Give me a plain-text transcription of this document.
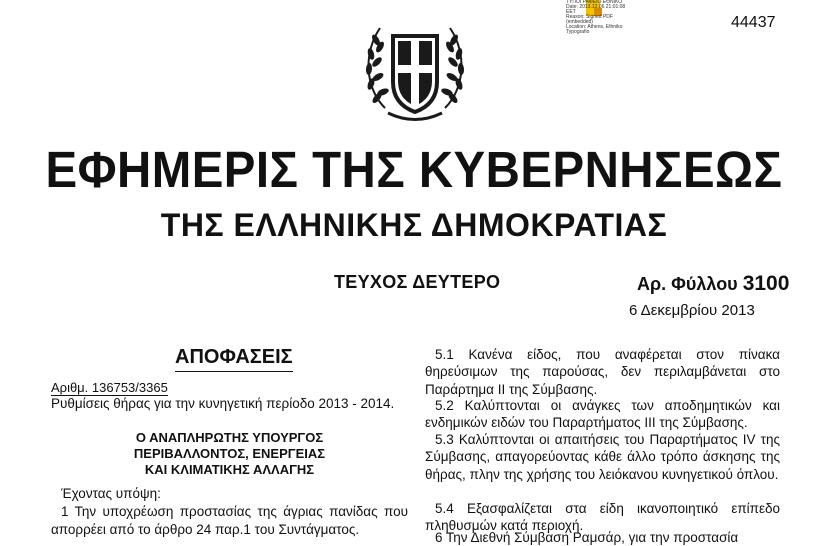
44437
ΤΥΠΟΓΡΑΦΕΙΟ ΕΘΝΙΚΟ
Date: 2013.12.06 21:01:08
EET
Reason: Signed PDF
(embedded)
Location: Athens, Ethniko
Typografio
ΕΦΗΜΕΡΙΣ ΤΗΣ ΚΥΒΕΡΝΗΣΕΩΣ
ΤΗΣ ΕΛΛΗΝΙΚΗΣ ΔΗΜΟΚΡΑΤΙΑΣ
ΤΕΥΧΟΣ ΔΕΥΤΕΡΟ	Αρ. Φύλλου 3100
6 Δεκεμβρίου 2013
ΑΠΟΦΑΣΕΙΣ
Αριθμ. 136753/3365
Ρυθμίσεις θήρας για την κυνηγετική περίοδο 2013 - 2014.
Ο ΑΝΑΠΛΗΡΩΤΗΣ ΥΠΟΥΡΓΟΣ
ΠΕΡΙΒΑΛΛΟΝΤΟΣ, ΕΝΕΡΓΕΙΑΣ
ΚΑΙ ΚΛΙΜΑΤΙΚΗΣ ΑΛΛΑΓΗΣ
Έχοντας υπόψη:
1 Την υποχρέωση προστασίας της άγριας πανίδας που απορρέει από το άρθρο 24 παρ.1 του Συντάγματος.

5.1 Κανένα είδος, που αναφέρεται στον πίνακα θηρεύσιμων της παρούσας, δεν περιλαμβάνεται στο Παράρτημα ΙΙ της Σύμβασης.

5.2 Καλύπτονται οι ανάγκες των αποδημητικών και ενδημικών ειδών του Παραρτήματος ΙΙΙ της Σύμβασης.

5.3 Καλύπτονται οι απαιτήσεις του Παραρτήματος IV της Σύμβασης, απαγορεύοντας κάθε άλλο τρόπο άσκησης της θήρας, πλην της χρήσης του λειόκανου κυνηγετικού όπλου.

5.4 Εξασφαλίζεται στα είδη ικανοποιητικό επίπεδο πληθυσμών κατά περιοχή.

6 Την Διεθνή Σύμβαση Ραμσάρ, για την προστασία
